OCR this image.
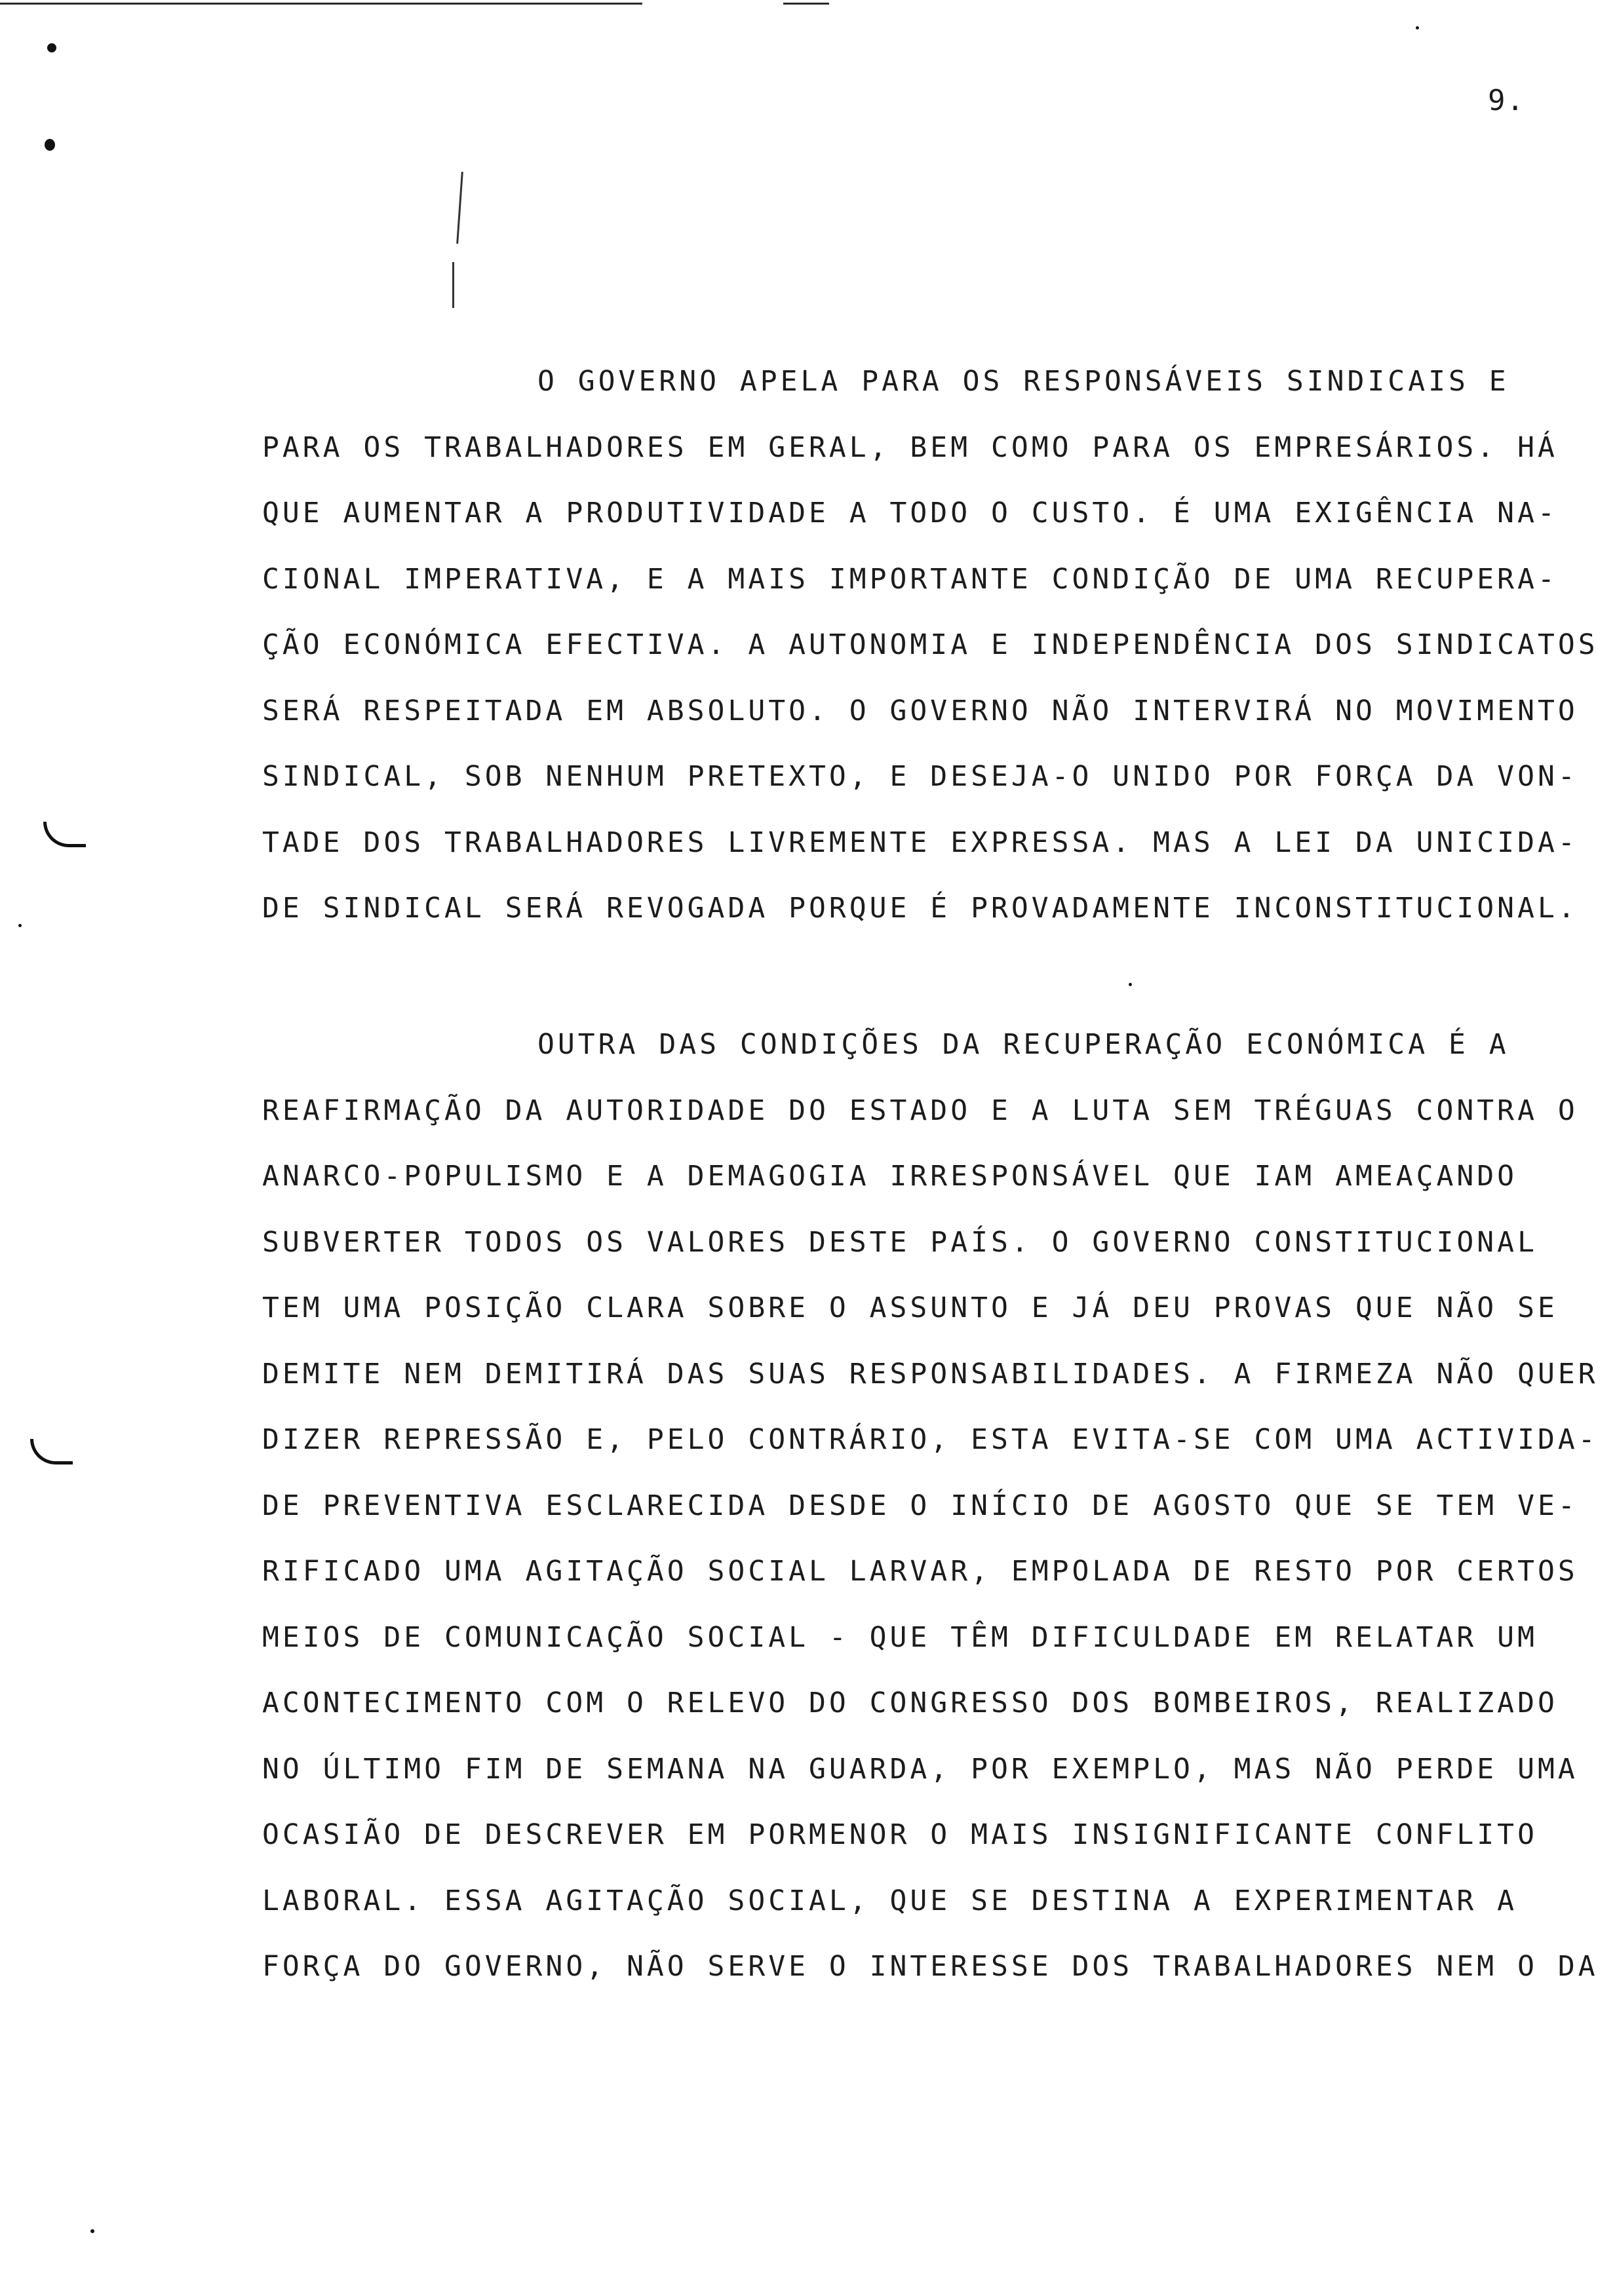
9.
O GOVERNO APELA PARA OS RESPONSÁVEIS SINDICAIS E
PARA OS TRABALHADORES EM GERAL, BEM COMO PARA OS EMPRESÁRIOS. HÁ
QUE AUMENTAR A PRODUTIVIDADE A TODO O CUSTO. É UMA EXIGÊNCIA NA-
CIONAL IMPERATIVA, E A MAIS IMPORTANTE CONDIÇÃO DE UMA RECUPERA-
ÇÃO ECONÓMICA EFECTIVA. A AUTONOMIA E INDEPENDÊNCIA DOS SINDICATOS
SERÁ RESPEITADA EM ABSOLUTO. O GOVERNO NÃO INTERVIRÁ NO MOVIMENTO
SINDICAL, SOB NENHUM PRETEXTO, E DESEJA-O UNIDO POR FORÇA DA VON-
TADE DOS TRABALHADORES LIVREMENTE EXPRESSA. MAS A LEI DA UNICIDA-
DE SINDICAL SERÁ REVOGADA PORQUE É PROVADAMENTE INCONSTITUCIONAL.
OUTRA DAS CONDIÇÕES DA RECUPERAÇÃO ECONÓMICA É A
REAFIRMAÇÃO DA AUTORIDADE DO ESTADO E A LUTA SEM TRÉGUAS CONTRA O
ANARCO-POPULISMO E A DEMAGOGIA IRRESPONSÁVEL QUE IAM AMEAÇANDO
SUBVERTER TODOS OS VALORES DESTE PAÍS. O GOVERNO CONSTITUCIONAL
TEM UMA POSIÇÃO CLARA SOBRE O ASSUNTO E JÁ DEU PROVAS QUE NÃO SE
DEMITE NEM DEMITIRÁ DAS SUAS RESPONSABILIDADES. A FIRMEZA NÃO QUER
DIZER REPRESSÃO E, PELO CONTRÁRIO, ESTA EVITA-SE COM UMA ACTIVIDA-
DE PREVENTIVA ESCLARECIDA DESDE O INÍCIO DE AGOSTO QUE SE TEM VE-
RIFICADO UMA AGITAÇÃO SOCIAL LARVAR, EMPOLADA DE RESTO POR CERTOS
MEIOS DE COMUNICAÇÃO SOCIAL - QUE TÊM DIFICULDADE EM RELATAR UM
ACONTECIMENTO COM O RELEVO DO CONGRESSO DOS BOMBEIROS, REALIZADO
NO ÚLTIMO FIM DE SEMANA NA GUARDA, POR EXEMPLO, MAS NÃO PERDE UMA
OCASIÃO DE DESCREVER EM PORMENOR O MAIS INSIGNIFICANTE CONFLITO
LABORAL. ESSA AGITAÇÃO SOCIAL, QUE SE DESTINA A EXPERIMENTAR A
FORÇA DO GOVERNO, NÃO SERVE O INTERESSE DOS TRABALHADORES NEM O DA
